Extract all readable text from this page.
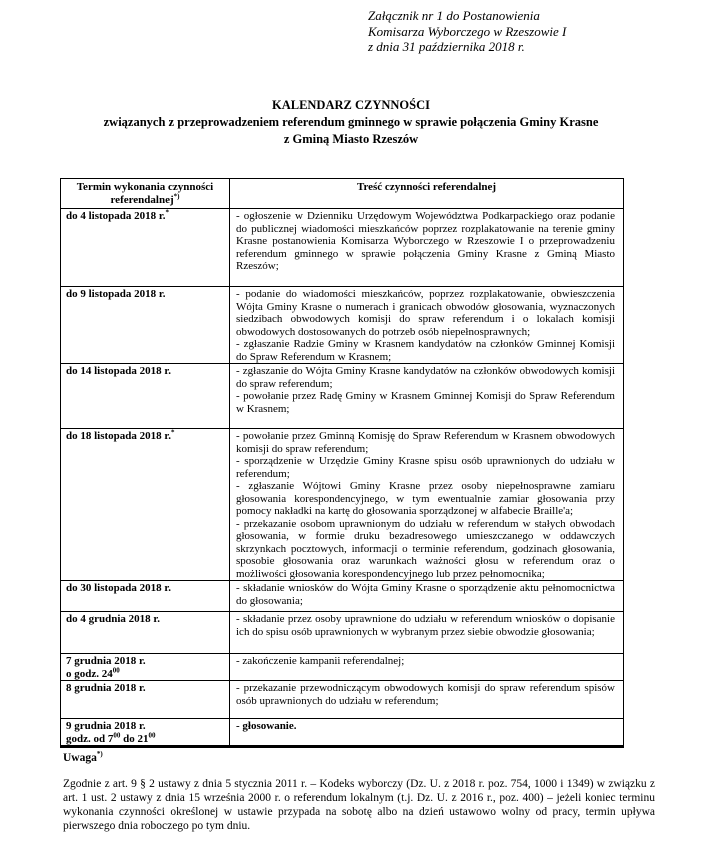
Załącznik nr 1 do Postanowienia
Komisarza Wyborczego w Rzeszowie I
z dnia 31 października 2018 r.
KALENDARZ CZYNNOŚCI
związanych z przeprowadzeniem referendum gminnego w sprawie połączenia Gminy Krasne
z Gminą Miasto Rzeszów
Termin wykonania czynności
referendalnej*)	Treść czynności referendalnej
do 4 listopada 2018 r.*	- ogłoszenie w Dzienniku Urzędowym Województwa Podkarpackiego oraz podanie do publicznej wiadomości mieszkańców poprzez rozplakatowanie na terenie gminy Krasne postanowienia Komisarza Wyborczego w Rzeszowie I o przeprowadzeniu referendum gminnego w sprawie połączenia Gminy Krasne z Gminą Miasto Rzeszów;

do 9 listopada 2018 r.	- podanie do wiadomości mieszkańców, poprzez rozplakatowanie, obwieszczenia Wójta Gminy Krasne o numerach i granicach obwodów głosowania, wyznaczonych siedzibach obwodowych komisji do spraw referendum i o lokalach komisji obwodowych dostosowanych do potrzeb osób niepełnosprawnych;
- zgłaszanie Radzie Gminy w Krasnem kandydatów na członków Gminnej Komisji do Spraw Referendum w Krasnem;

do 14 listopada 2018 r.	- zgłaszanie do Wójta Gminy Krasne kandydatów na członków obwodowych komisji do spraw referendum;
- powołanie przez Radę Gminy w Krasnem Gminnej Komisji do Spraw Referendum w Krasnem;

do 18 listopada 2018 r.*	- powołanie przez Gminną Komisję do Spraw Referendum w Krasnem obwodowych komisji do spraw referendum;
- sporządzenie w Urzędzie Gminy Krasne spisu osób uprawnionych do udziału w referendum;
- zgłaszanie Wójtowi Gminy Krasne przez osoby niepełnosprawne zamiaru głosowania korespondencyjnego, w tym ewentualnie zamiar głosowania przy pomocy nakładki na kartę do głosowania sporządzonej w alfabecie Braille'a;
- przekazanie osobom uprawnionym do udziału w referendum w stałych obwodach głosowania, w formie druku bezadresowego umieszczanego w oddawczych skrzynkach pocztowych, informacji o terminie referendum, godzinach głosowania, sposobie głosowania oraz warunkach ważności głosu w referendum oraz o możliwości głosowania korespondencyjnego lub przez pełnomocnika;

do 30 listopada 2018 r.	- składanie wniosków do Wójta Gminy Krasne o sporządzenie aktu pełnomocnictwa do głosowania;

do 4 grudnia 2018 r.	- składanie przez osoby uprawnione do udziału w referendum wniosków o dopisanie ich do spisu osób uprawnionych w wybranym przez siebie obwodzie głosowania;

7 grudnia 2018 r.
o godz. $24^{00}$	- zakończenie kampanii referendalnej;

8 grudnia 2018 r.	- przekazanie przewodniczącym obwodowych komisji do spraw referendum spisów osób uprawnionych do udziału w referendum;

9 grudnia 2018 r.
godz. od $7^{00}$ do $21^{00}$	- głosowanie.
Uwaga*)
Zgodnie z art. 9 § 2 ustawy z dnia 5 stycznia 2011 r. – Kodeks wyborczy (Dz. U. z 2018 r. poz. 754, 1000 i 1349) w związku z art. 1 ust. 2 ustawy z dnia 15 września 2000 r. o referendum lokalnym (t.j. Dz. U. z 2016 r., poz. 400) – jeżeli koniec terminu wykonania czynności określonej w ustawie przypada na sobotę albo na dzień ustawowo wolny od pracy, termin upływa pierwszego dnia roboczego po tym dniu.
